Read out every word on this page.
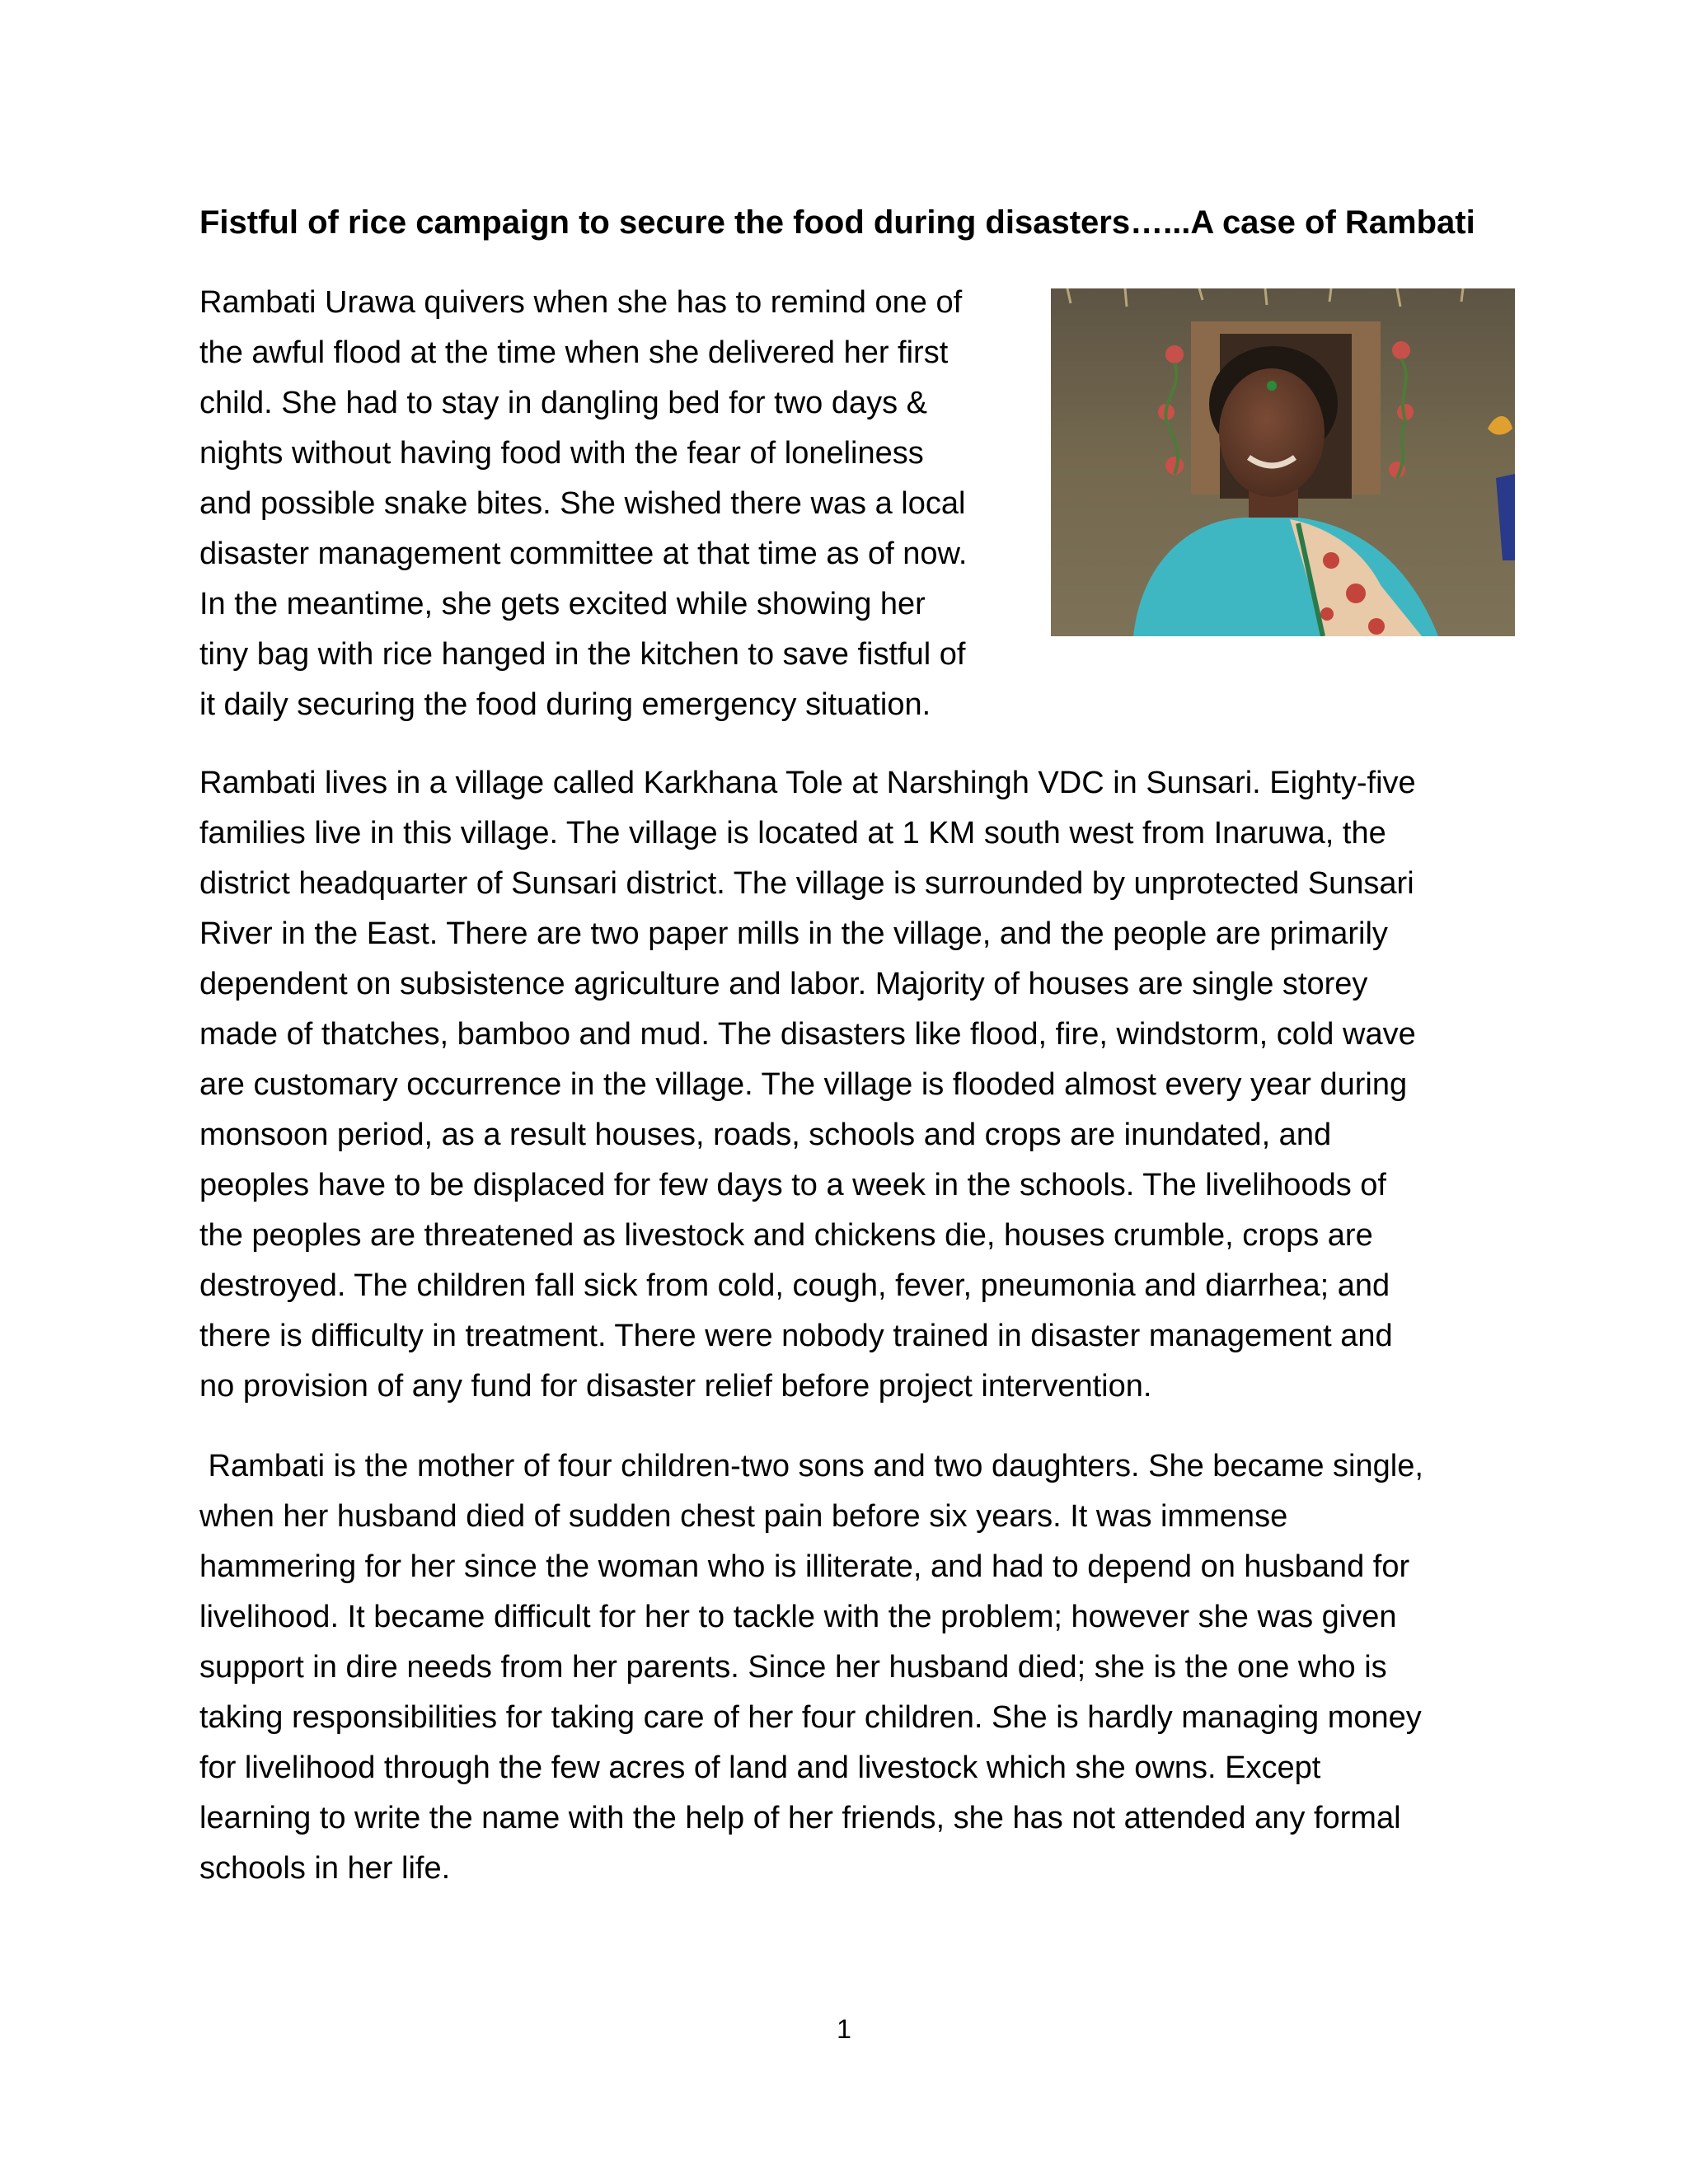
Fistful of rice campaign to secure the food during disasters…...A case of Rambati

Rambati Urawa quivers when she has to remind one of
the awful flood at the time when she delivered her first
child. She had to stay in dangling bed for two days &
nights without having food with the fear of loneliness
and possible snake bites. She wished there was a local
disaster management committee at that time as of now.
In the meantime, she gets excited while showing her
tiny bag with rice hanged in the kitchen to save fistful of
it daily securing the food during emergency situation.

Rambati lives in a village called Karkhana Tole at Narshingh VDC in Sunsari. Eighty-five
families live in this village. The village is located at 1 KM south west from Inaruwa, the
district headquarter of Sunsari district. The village is surrounded by unprotected Sunsari
River in the East. There are two paper mills in the village, and the people are primarily
dependent on subsistence agriculture and labor. Majority of houses are single storey
made of thatches, bamboo and mud. The disasters like flood, fire, windstorm, cold wave
are customary occurrence in the village. The village is flooded almost every year during
monsoon period, as a result houses, roads, schools and crops are inundated, and
peoples have to be displaced for few days to a week in the schools. The livelihoods of
the peoples are threatened as livestock and chickens die, houses crumble, crops are
destroyed. The children fall sick from cold, cough, fever, pneumonia and diarrhea; and
there is difficulty in treatment. There were nobody trained in disaster management and
no provision of any fund for disaster relief before project intervention.

Rambati is the mother of four children-two sons and two daughters. She became single,
when her husband died of sudden chest pain before six years. It was immense
hammering for her since the woman who is illiterate, and had to depend on husband for
livelihood. It became difficult for her to tackle with the problem; however she was given
support in dire needs from her parents. Since her husband died; she is the one who is
taking responsibilities for taking care of her four children. She is hardly managing money
for livelihood through the few acres of land and livestock which she owns. Except
learning to write the name with the help of her friends, she has not attended any formal
schools in her life.

1
